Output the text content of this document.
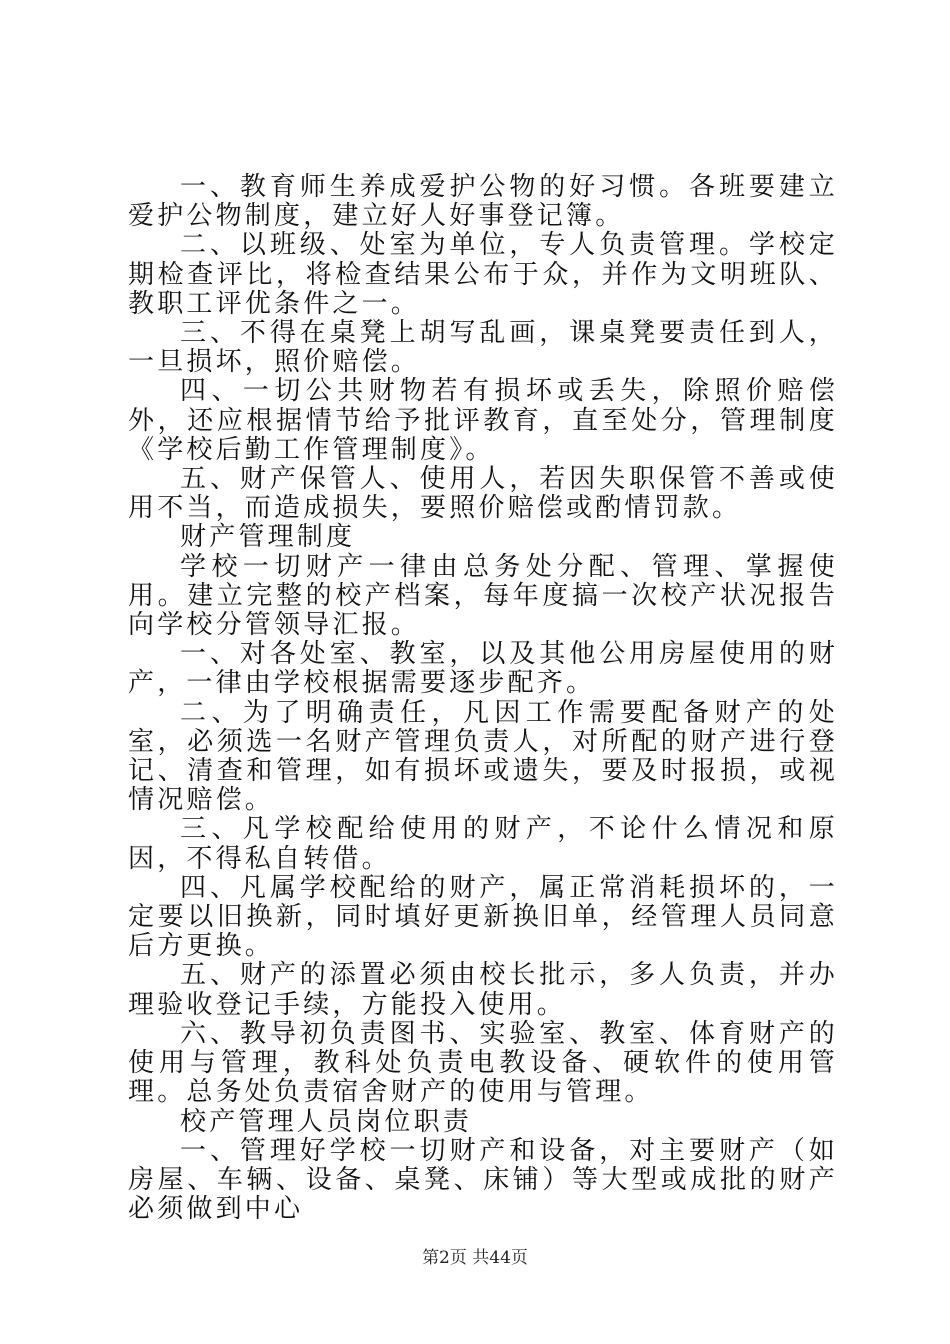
一、教育师生养成爱护公物的好习惯。各班要建立爱护公物制度，建立好人好事登记簿。

二、以班级、处室为单位，专人负责管理。学校定期检查评比，将检查结果公布于众，并作为文明班队、教职工评优条件之一。

三、不得在桌凳上胡写乱画，课桌凳要责任到人，一旦损坏，照价赔偿。

四、一切公共财物若有损坏或丢失，除照价赔偿外，还应根据情节给予批评教育，直至处分，管理制度《学校后勤工作管理制度》。

五、财产保管人、使用人，若因失职保管不善或使用不当，而造成损失，要照价赔偿或酌情罚款。

财产管理制度

学校一切财产一律由总务处分配、管理、掌握使用。建立完整的校产档案，每年度搞一次校产状况报告向学校分管领导汇报。

一、对各处室、教室，以及其他公用房屋使用的财产，一律由学校根据需要逐步配齐。

二、为了明确责任，凡因工作需要配备财产的处室，必须选一名财产管理负责人，对所配的财产进行登记、清查和管理，如有损坏或遗失，要及时报损，或视情况赔偿。

三、凡学校配给使用的财产，不论什么情况和原因，不得私自转借。

四、凡属学校配给的财产，属正常消耗损坏的，一定要以旧换新，同时填好更新换旧单，经管理人员同意后方更换。

五、财产的添置必须由校长批示，多人负责，并办理验收登记手续，方能投入使用。

六、教导初负责图书、实验室、教室、体育财产的使用与管理，教科处负责电教设备、硬软件的使用管理。总务处负责宿舍财产的使用与管理。

校产管理人员岗位职责

一、管理好学校一切财产和设备，对主要财产（如房屋、车辆、设备、桌凳、床铺）等大型或成批的财产必须做到中心

第2页 共44页
